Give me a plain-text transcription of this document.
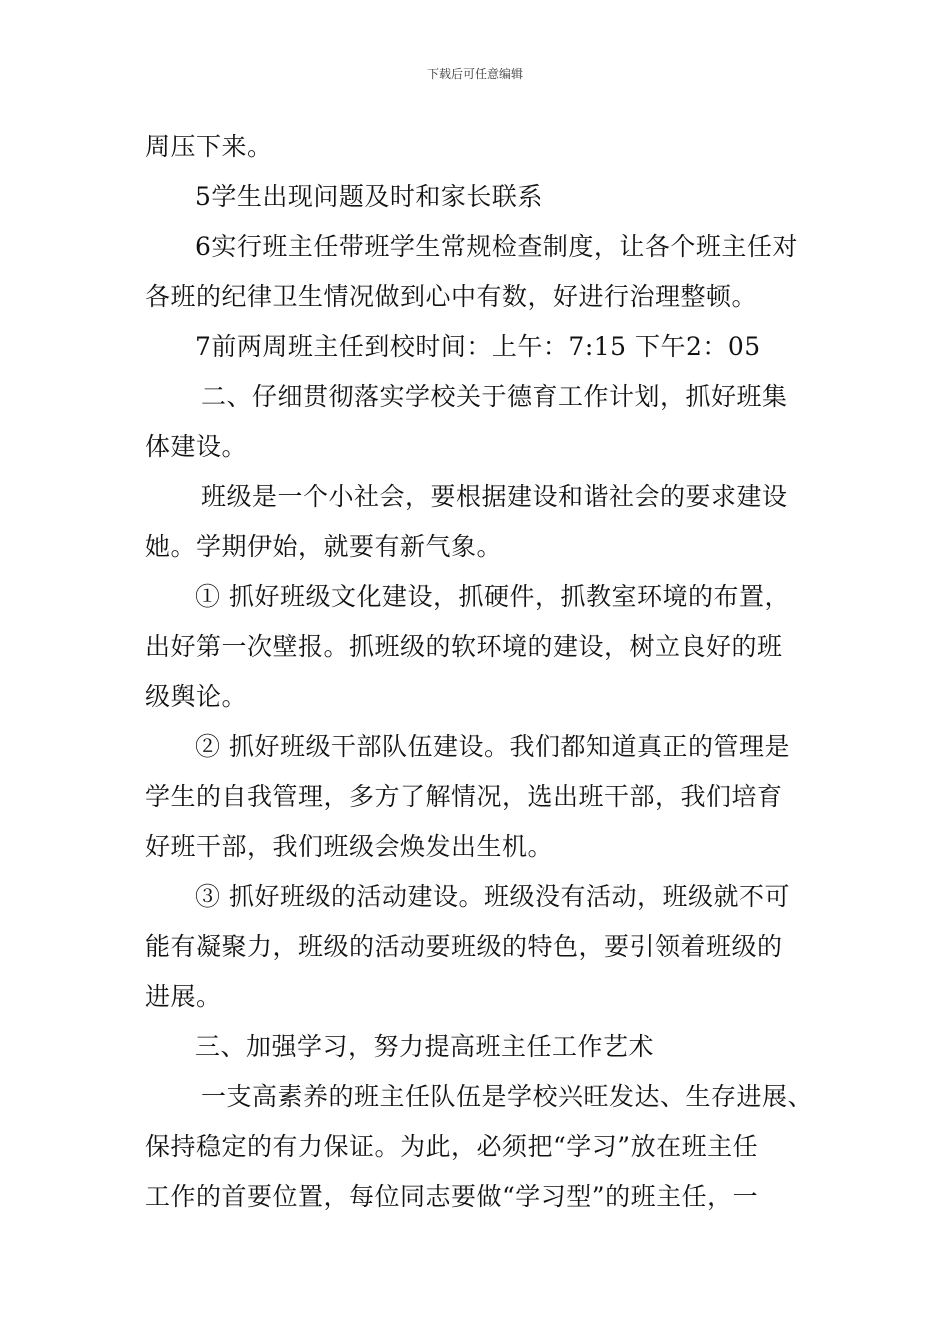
下载后可任意编辑
周压下来。
5学生出现问题及时和家长联系
6实行班主任带班学生常规检查制度，让各个班主任对
各班的纪律卫生情况做到心中有数，好进行治理整顿。
7前两周班主任到校时间：上午：7:15 下午2：05
二、仔细贯彻落实学校关于德育工作计划，抓好班集
体建设。
班级是一个小社会，要根据建设和谐社会的要求建设
她。学期伊始，就要有新气象。
① 抓好班级文化建设，抓硬件，抓教室环境的布置，
出好第一次壁报。抓班级的软环境的建设，树立良好的班
级舆论。
② 抓好班级干部队伍建设。我们都知道真正的管理是
学生的自我管理，多方了解情况，选出班干部，我们培育
好班干部，我们班级会焕发出生机。
③ 抓好班级的活动建设。班级没有活动，班级就不可
能有凝聚力，班级的活动要班级的特色，要引领着班级的
进展。
三、加强学习，努力提高班主任工作艺术
一支高素养的班主任队伍是学校兴旺发达、生存进展、
保持稳定的有力保证。为此，必须把“学习”放在班主任
工作的首要位置，每位同志要做“学习型”的班主任，一
